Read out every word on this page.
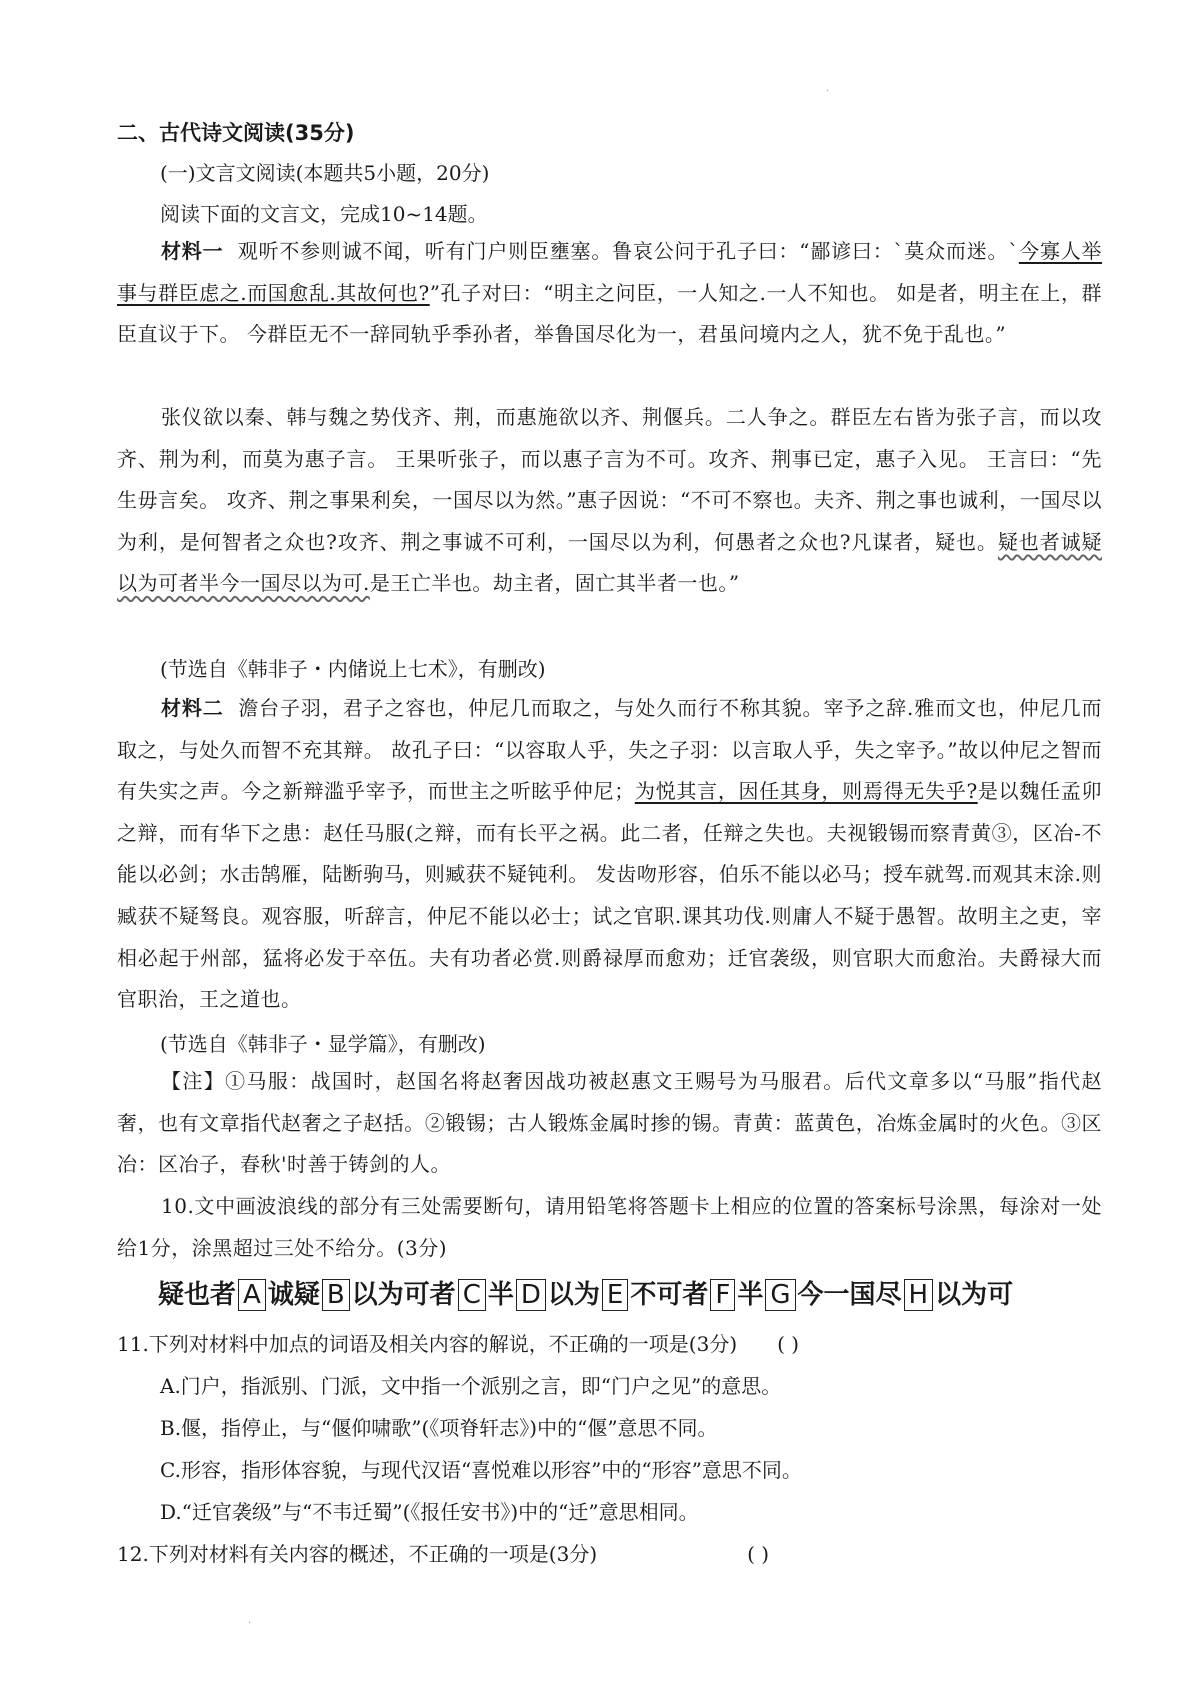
·
二、古代诗文阅读(35分)
(一)文言文阅读(本题共5小题，20分)
阅读下面的文言文，完成10~14题。
材料一 观听不参则诚不闻，听有门户则臣壅塞。鲁哀公问于孔子曰：“鄙谚曰：`莫众而迷。`今寡人举事与群臣虑之.而国愈乱.其故何也?”孔子对曰：“明主之问臣，一人知之.一人不知也。 如是者，明主在上，群臣直议于下。 今群臣无不一辞同轨乎季孙者，举鲁国尽化为一，君虽问境内之人，犹不免于乱也。”
张仪欲以秦、韩与魏之势伐齐、荆，而惠施欲以齐、荆偃兵。二人争之。群臣左右皆为张子言，而以攻齐、荆为利，而莫为惠子言。 王果听张子，而以惠子言为不可。攻齐、荆事已定，惠子入见。 王言曰：“先生毋言矣。 攻齐、荆之事果利矣，一国尽以为然。”惠子因说：“不可不察也。夫齐、荆之事也诚利，一国尽以为利，是何智者之众也?攻齐、荆之事诚不可利，一国尽以为利，何愚者之众也?凡谋者，疑也。疑也者诚疑以为可者半今一国尽以为可.是王亡半也。劫主者，固亡其半者一也。”
(节选自《韩非子・内储说上七术》，有删改)
材料二 澹台子羽，君子之容也，仲尼几而取之，与处久而行不称其貌。宰予之辞.雅而文也，仲尼几而取之，与处久而智不充其辩。 故孔子曰：“以容取人乎，失之子羽：以言取人乎，失之宰予。”故以仲尼之智而有失实之声。今之新辩滥乎宰予，而世主之听眩乎仲尼；为悦其言，因任其身，则焉得无失乎?是以魏任孟卯之辩，而有华下之患：赵任马服(之辩，而有长平之祸。此二者，任辩之失也。夫视锻锡而察青黄③，区冶-不能以必剑；水击鹄雁，陆断驹马，则臧获不疑钝利。 发齿吻形容，伯乐不能以必马；授车就驾.而观其末涂.则臧获不疑驽良。观容服，听辞言，仲尼不能以必士；试之官职.课其功伐.则庸人不疑于愚智。故明主之吏，宰相必起于州部，猛将必发于卒伍。夫有功者必赏.则爵禄厚而愈劝；迁官袭级，则官职大而愈治。夫爵禄大而官职治，王之道也。
(节选自《韩非子・显学篇》，有删改)
【注】①马服：战国时，赵国名将赵奢因战功被赵惠文王赐号为马服君。后代文章多以“马服”指代赵奢，也有文章指代赵奢之子赵括。②锻锡；古人锻炼金属时掺的锡。青黄：蓝黄色，冶炼金属时的火色。③区冶：区冶子，春秋'时善于铸剑的人。
10.文中画波浪线的部分有三处需要断句，请用铅笔将答题卡上相应的位置的答案标号涂黑，每涂对一处给1分，涂黑超过三处不给分。(3分)
疑也者 A 诚疑 B 以为可者 C 半 D 以为 E 不可者 F 半 G 今一国尽 H 以为可
11.下列对材料中加点的词语及相关内容的解说，不正确的一项是(3分) ( )
A.门户，指派别、门派，文中指一个派别之言，即“门户之见”的意思。
B.偃，指停止，与“偃仰啸歌”(《项脊轩志》)中的“偃”意思不同。
C.形容，指形体容貌，与现代汉语“喜悦难以形容”中的“形容”意思不同。
D.“迁官袭级”与“不韦迁蜀”(《报任安书》)中的“迁”意思相同。
12.下列对材料有关内容的概述，不正确的一项是(3分)	( )
·
